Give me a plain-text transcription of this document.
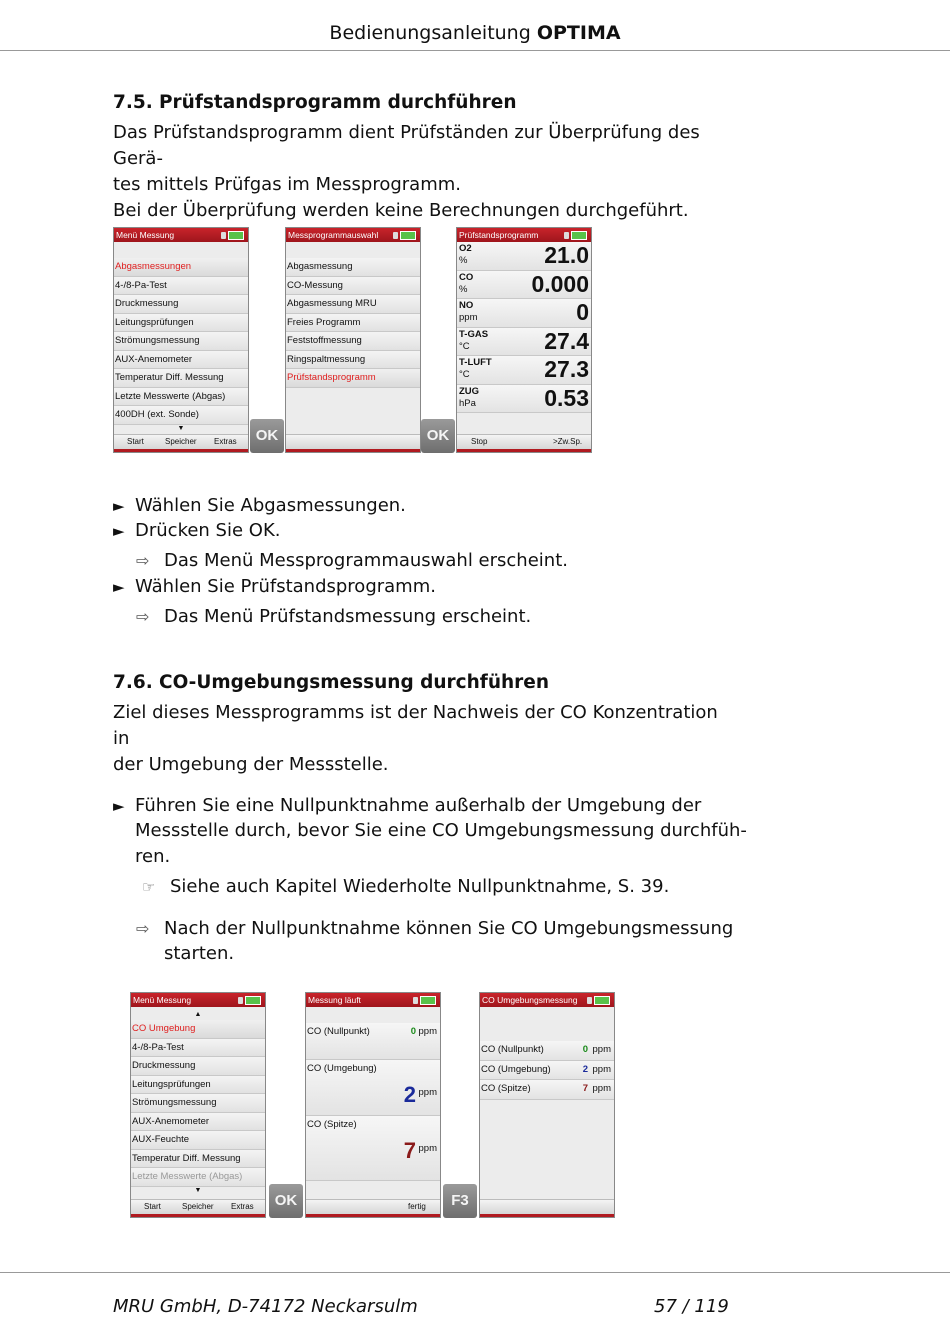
Bedienungsanleitung OPTIMA
7.5. Prüfstandsprogramm durchführen
Das Prüfstandsprogramm dient Prüfständen zur Überprüfung des Gerä-
tes mittels Prüfgas im Messprogramm.
Bei der Überprüfung werden keine Berechnungen durchgeführt.
Menü Messung
Abgasmessungen
4-/8-Pa-Test
Druckmessung
Leitungsprüfungen
Strömungsmessung
AUX-Anemometer
Temperatur Diff. Messung
Letzte Messwerte (Abgas)
400DH (ext. Sonde)
▼
Start	Speicher Extras	OK
Messprogrammauswahl
Abgasmessung
CO-Messung
Abgasmessung MRU
Freies Programm
Feststoffmessung
Ringspaltmessung
Prüfstandsprogramm
OK
Prüfstandsprogramm
O2
%	21.0
CO
%	0.000
NO
ppm	0
T-GAS
°C	27.4
T-LUFT
°C	27.3
ZUG
hPa	0.53
Stop	>Zw.Sp.
► Wählen Sie Abgasmessungen.
► Drücken Sie OK.
⇨ Das Menü Messprogrammauswahl erscheint.
► Wählen Sie Prüfstandsprogramm.
⇨ Das Menü Prüfstandsmessung erscheint.
7.6. CO-Umgebungsmessung durchführen
Ziel dieses Messprogramms ist der Nachweis der CO Konzentration in
der Umgebung der Messstelle.
► Führen Sie eine Nullpunktnahme außerhalb der Umgebung der
Messstelle durch, bevor Sie eine CO Umgebungsmessung durchfüh-
ren.
☞ Siehe auch Kapitel Wiederholte Nullpunktnahme, S. 39.
⇨ Nach der Nullpunktnahme können Sie CO Umgebungsmessung
starten.
Menü Messung
▲
CO Umgebung
4-/8-Pa-Test
Druckmessung
Leitungsprüfungen
Strömungsmessung
AUX-Anemometer
AUX-Feuchte
Temperatur Diff. Messung
Letzte Messwerte (Abgas)
▼
Start	Speicher Extras	OK
Messung läuft
CO (Nullpunkt)	0 ppm
CO (Umgebung)
2 ppm
CO (Spitze)
7 ppm
fertig	F3
CO Umgebungsmessung
CO (Nullpunkt)	0 ppm
CO (Umgebung)	2 ppm
CO (Spitze)	7 ppm
MRU GmbH, D-74172 Neckarsulm	57 / 119
